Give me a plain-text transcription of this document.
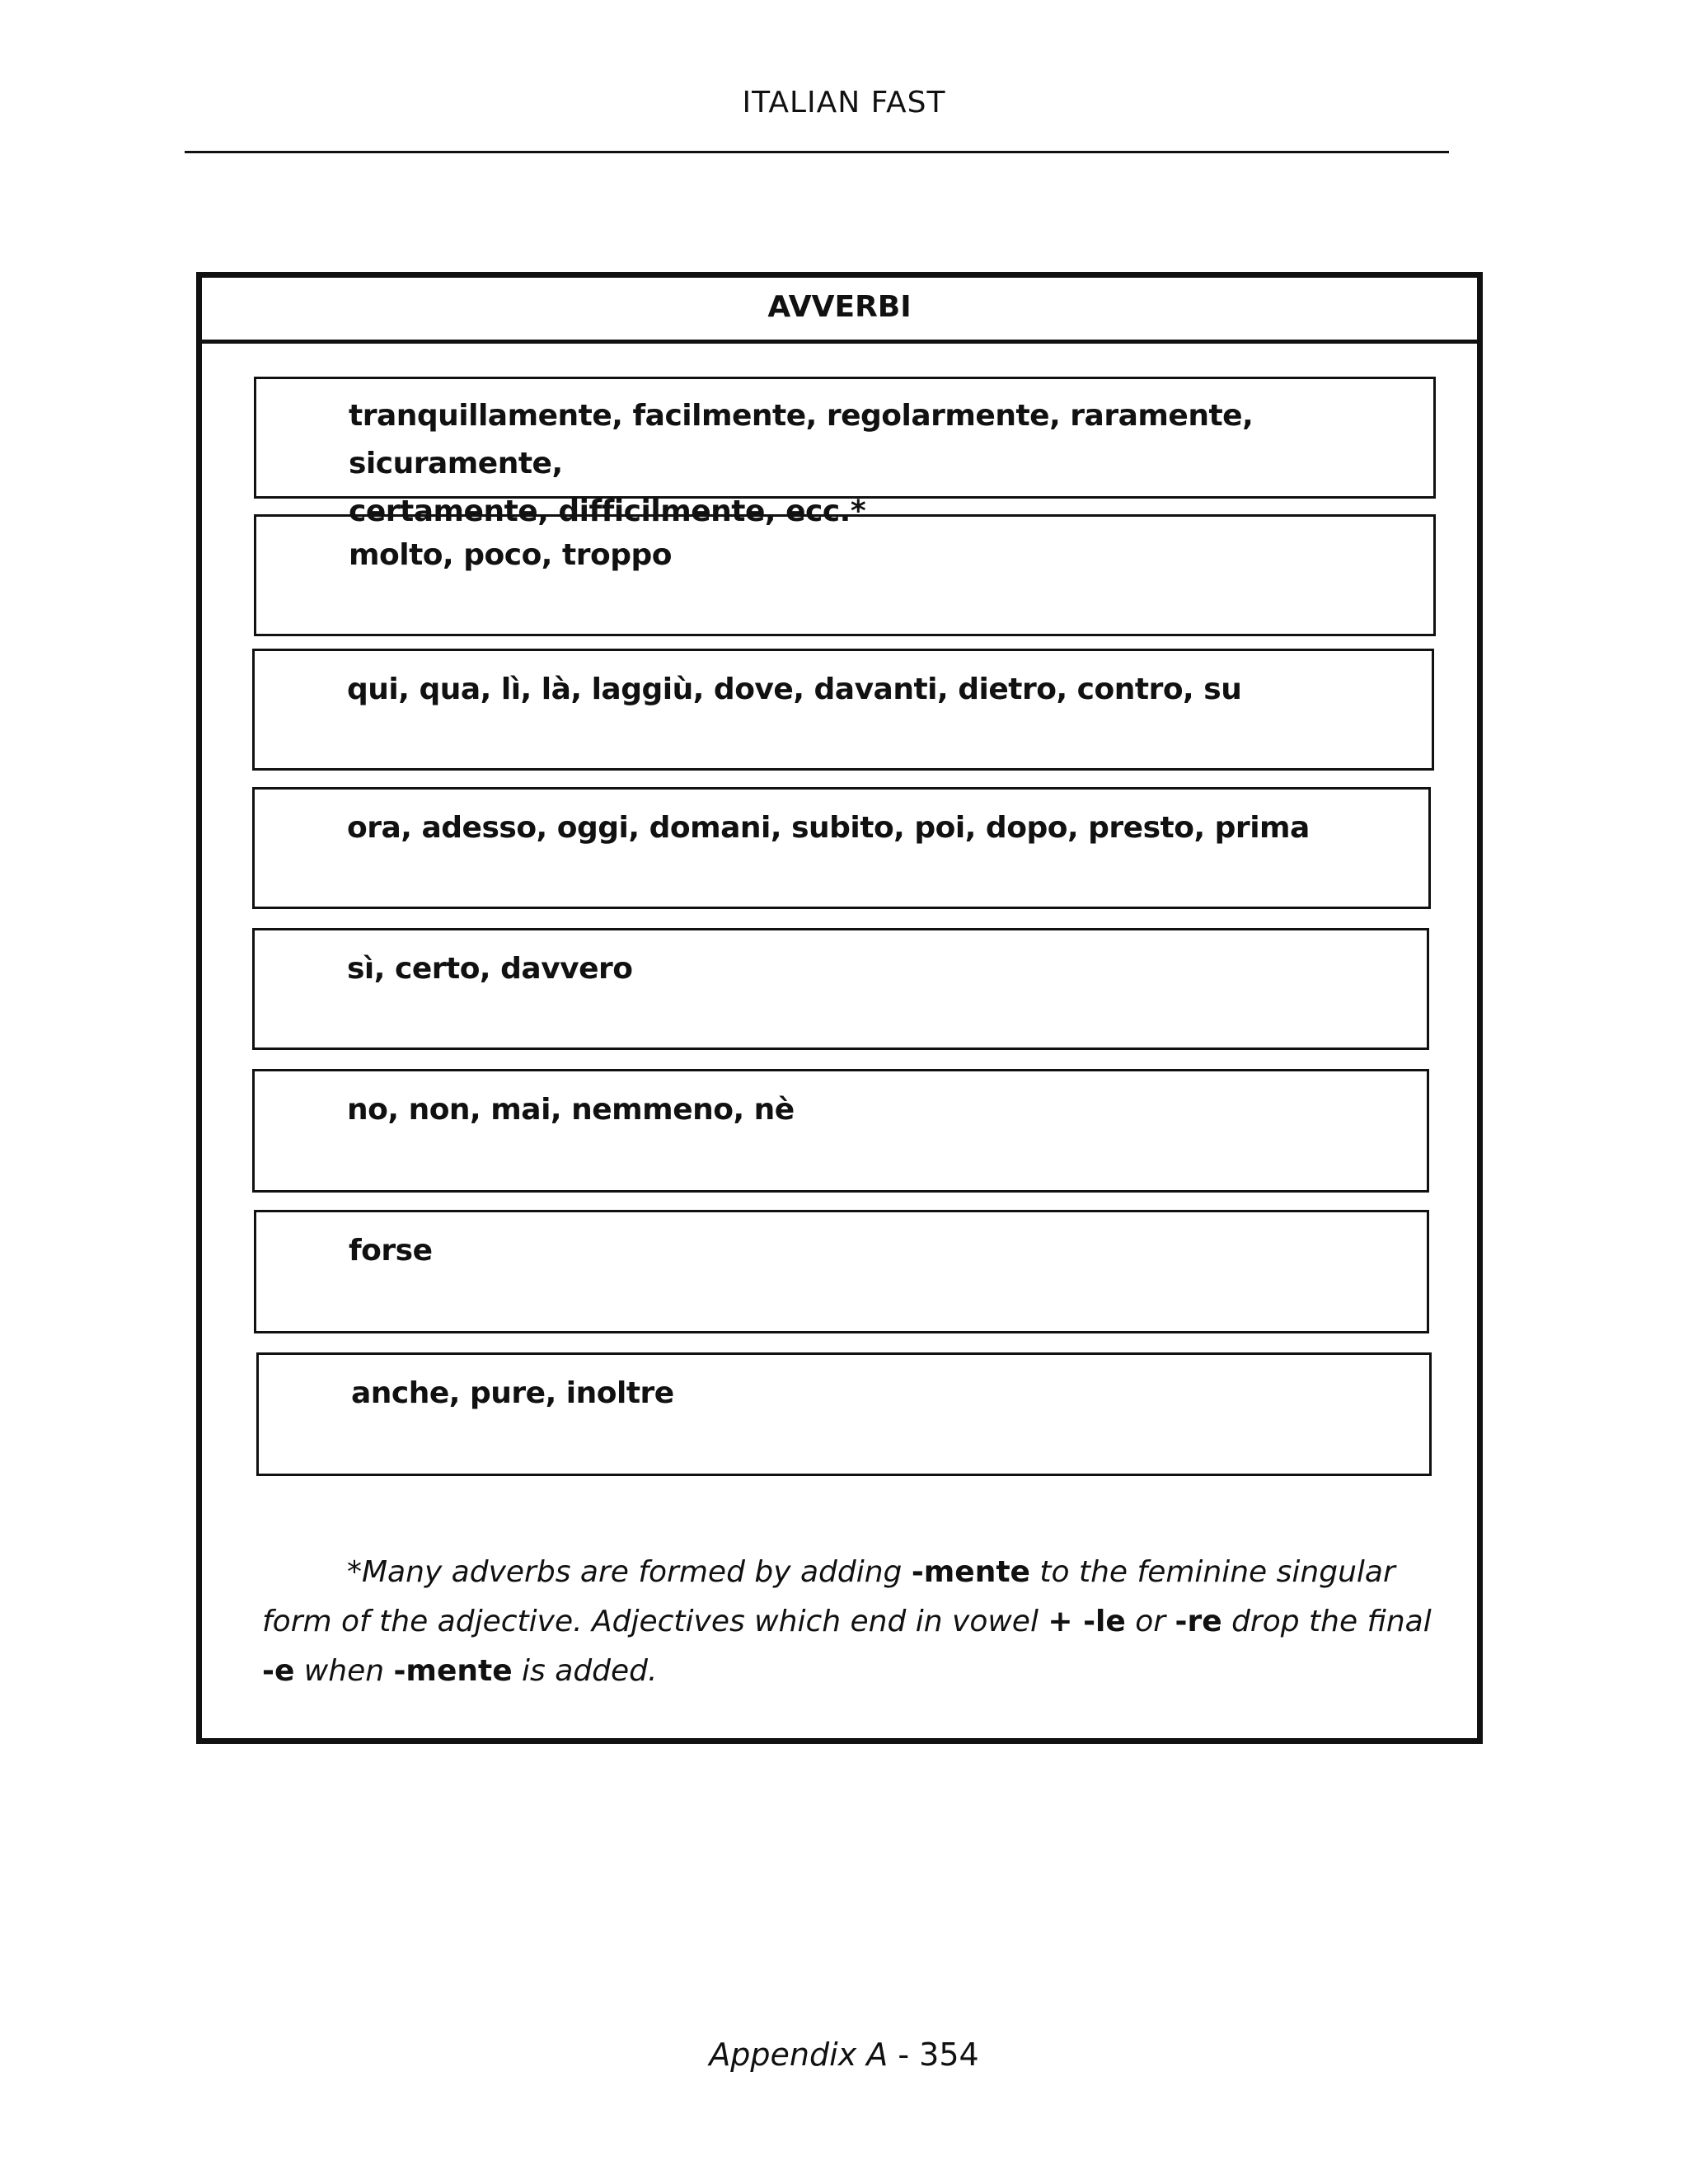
ITALIAN FAST
AVVERBI
tranquillamente, facilmente, regolarmente, raramente, sicuramente,
certamente, difficilmente, ecc.*
molto, poco, troppo
qui, qua, lì, là, laggiù, dove, davanti, dietro, contro, su
ora, adesso, oggi, domani, subito, poi, dopo, presto, prima
sì, certo, davvero
no, non, mai, nemmeno, nè
forse
anche, pure, inoltre
*Many adverbs are formed by adding -mente to the feminine singular form of the adjective. Adjectives which end in vowel + -le or -re drop the final -e when -mente is added.
Appendix A - 354
